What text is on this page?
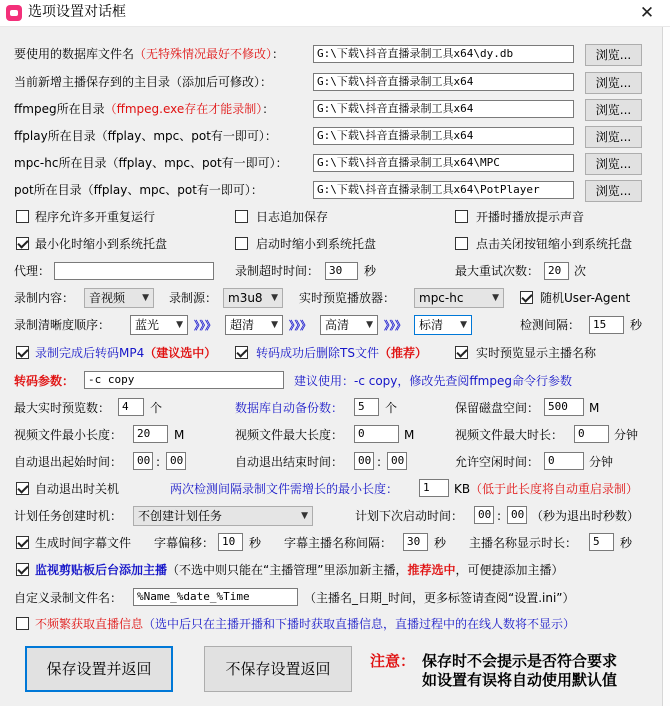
选项设置对话框	✕
要使用的数据库文件名（无特殊情况最好不修改）：	G:\下载\抖音直播录制工具x64\dy.db	浏览...
当前新增主播保存到的主目录（添加后可修改）：	G:\下载\抖音直播录制工具x64	浏览...
ffmpeg所在目录（ffmpeg.exe存在才能录制）：	G:\下载\抖音直播录制工具x64	浏览...
ffplay所在目录（ffplay、mpc、pot有一即可）：	G:\下载\抖音直播录制工具x64	浏览...
mpc-hc所在目录（ffplay、mpc、pot有一即可）：	G:\下载\抖音直播录制工具x64\MPC	浏览...
pot所在目录（ffplay、mpc、pot有一即可）：	G:\下载\抖音直播录制工具x64\PotPlayer	浏览...
程序允许多开重复运行	日志追加保存	开播时播放提示声音
最小化时缩小到系统托盘	启动时缩小到系统托盘	点击关闭按钮缩小到系统托盘
代理：	录制超时时间： 30	秒	最大重试次数： 20	次
录制内容：	音视频 ▼ 录制源： m3u8 ▼ 实时预览播放器：	mpc-hc	▼	随机User-Agent
录制清晰度顺序：	蓝光 ▼ 》》》	超清 ▼ 》》》	高清 ▼ 》》》	标清 ▼	检测间隔：	15	秒
录制完成后转码MP4（建议选中）	转码成功后删除TS文件（推荐）	实时预览显示主播名称
转码参数：	-c copy	建议使用：-c copy，修改先查阅ffmpeg命令行参数
最大实时预览数：	4	个	数据库自动备份数：	5	个	保留磁盘空间： 500	M
视频文件最小长度：	20	M	视频文件最大长度：	0	M	视频文件最大时长：	0	分钟
自动退出起始时间：	00 : 00	自动退出结束时间：	00 : 00	允许空闲时间： 0	分钟
自动退出时关机	两次检测间隔录制文件需增长的最小长度：	1	KB （低于此长度将自动重启录制）
计划任务创建时机：	不创建计划任务	▼	计划下次启动时间：	00 : 00 （秒为退出时秒数）
生成时间字幕文件 字幕偏移： 10	秒 字幕主播名称间隔：	30	秒 主播名称显示时长：	5	秒
监视剪贴板后台添加主播（不选中则只能在“主播管理”里添加新主播，推荐选中，可便捷添加主播）
自定义录制文件名：	%Name_%date_%Time	（主播名_日期_时间，更多标签请查阅“设置.ini”）
不频繁获取直播信息（选中后只在主播开播和下播时获取直播信息，直播过程中的在线人数将不显示）
保存设置并返回	不保存设置返回	注意： 保存时不会提示是否符合要求
如设置有误将自动使用默认值
